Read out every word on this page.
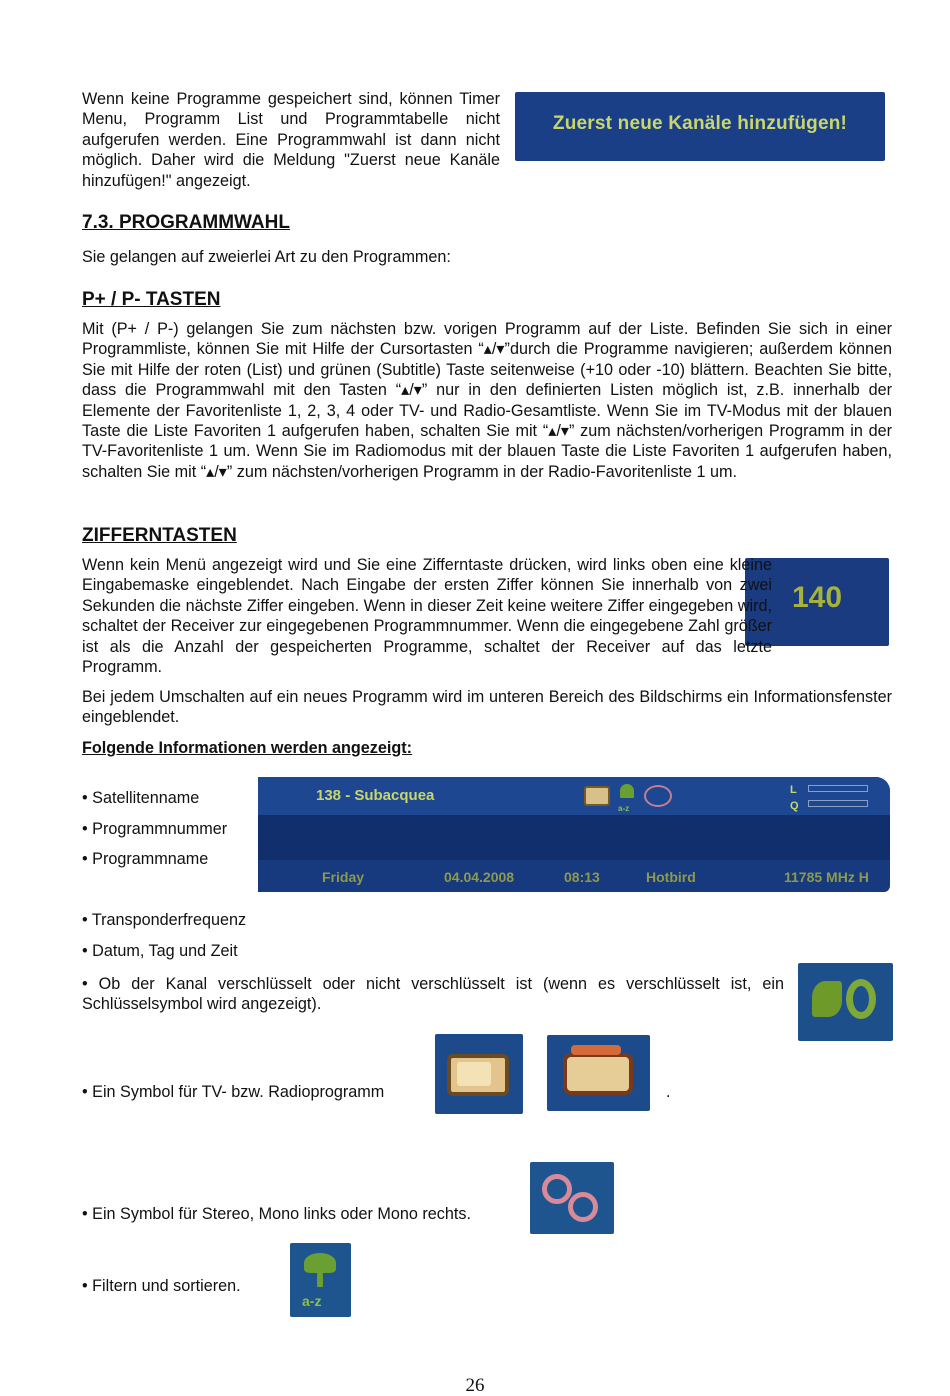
Wenn keine Programme gespeichert sind, können Timer Menu, Programm List und Programmtabelle nicht aufgerufen werden. Eine Programmwahl ist dann nicht möglich. Daher wird die Meldung "Zuerst neue Kanäle hinzufügen!" angezeigt.
Zuerst neue Kanäle hinzufügen!
7.3. PROGRAMMWAHL
Sie gelangen auf zweierlei Art zu den Programmen:
P+ / P- TASTEN
Mit (P+ / P-) gelangen Sie zum nächsten bzw. vorigen Programm auf der Liste. Befinden Sie sich in einer Programmliste, können Sie mit Hilfe der Cursortasten “▴/▾”durch die Programme navigieren; außerdem können Sie mit Hilfe der roten (List) und grünen (Subtitle) Taste seitenweise (+10 oder -10) blättern. Beachten Sie bitte, dass die Programmwahl mit den Tasten “▴/▾” nur in den definierten Listen möglich ist, z.B. innerhalb der Elemente der Favoritenliste 1, 2, 3, 4 oder TV- und Radio-Gesamtliste. Wenn Sie im TV-Modus mit der blauen Taste die Liste Favoriten 1 aufgerufen haben, schalten Sie mit “▴/▾” zum nächsten/vorherigen Programm in der TV-Favoritenliste 1 um. Wenn Sie im Radiomodus mit der blauen Taste die Liste Favoriten 1 aufgerufen haben, schalten Sie mit “▴/▾” zum nächsten/vorherigen Programm in der Radio-Favoritenliste 1 um.
ZIFFERNTASTEN
140
Wenn kein Menü angezeigt wird und Sie eine Zifferntaste drücken, wird links oben eine kleine Eingabemaske eingeblendet. Nach Eingabe der ersten Ziffer können Sie innerhalb von zwei Sekunden die nächste Ziffer eingeben. Wenn in dieser Zeit keine weitere Ziffer eingegeben wird, schaltet der Receiver zur eingegebenen Programmnummer. Wenn die eingegebene Zahl größer ist als die Anzahl der gespeicherten Programme, schaltet der Receiver auf das letzte Programm.
Bei jedem Umschalten auf ein neues Programm wird im unteren Bereich des Bildschirms ein Informationsfenster eingeblendet.
Folgende Informationen werden angezeigt:
• Satellitenname
• Programmnummer
• Programmname
138 - Subacquea
a-z
L
Q
Friday	04.04.2008	08:13	Hotbird	11785 MHz H
• Transponderfrequenz
• Datum, Tag und Zeit
• Ob der Kanal verschlüsselt oder nicht verschlüsselt ist (wenn es verschlüsselt ist, ein Schlüsselsymbol wird angezeigt).
• Ein Symbol für TV- bzw. Radioprogramm	.
• Ein Symbol für Stereo, Mono links oder Mono rechts.
• Filtern und sortieren.
a-z
26
